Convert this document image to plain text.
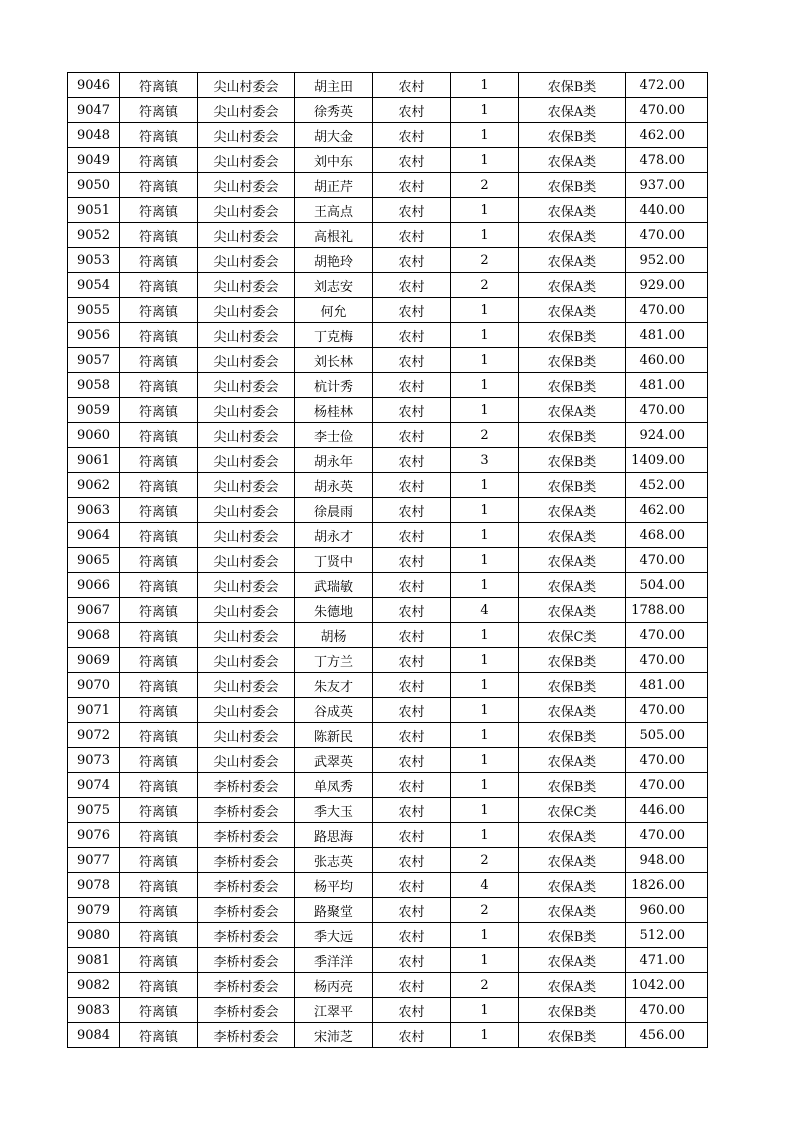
9046	符离镇	尖山村委会	胡主田	农村	1	农保B类	472.00
9047	符离镇	尖山村委会	徐秀英	农村	1	农保A类	470.00
9048	符离镇	尖山村委会	胡大金	农村	1	农保B类	462.00
9049	符离镇	尖山村委会	刘中东	农村	1	农保A类	478.00
9050	符离镇	尖山村委会	胡正芹	农村	2	农保B类	937.00
9051	符离镇	尖山村委会	王高点	农村	1	农保A类	440.00
9052	符离镇	尖山村委会	高根礼	农村	1	农保A类	470.00
9053	符离镇	尖山村委会	胡艳玲	农村	2	农保A类	952.00
9054	符离镇	尖山村委会	刘志安	农村	2	农保A类	929.00
9055	符离镇	尖山村委会	何允	农村	1	农保A类	470.00
9056	符离镇	尖山村委会	丁克梅	农村	1	农保B类	481.00
9057	符离镇	尖山村委会	刘长林	农村	1	农保B类	460.00
9058	符离镇	尖山村委会	杭计秀	农村	1	农保B类	481.00
9059	符离镇	尖山村委会	杨桂林	农村	1	农保A类	470.00
9060	符离镇	尖山村委会	李士俭	农村	2	农保B类	924.00
9061	符离镇	尖山村委会	胡永年	农村	3	农保B类	1409.00
9062	符离镇	尖山村委会	胡永英	农村	1	农保B类	452.00
9063	符离镇	尖山村委会	徐晨雨	农村	1	农保A类	462.00
9064	符离镇	尖山村委会	胡永才	农村	1	农保A类	468.00
9065	符离镇	尖山村委会	丁贤中	农村	1	农保A类	470.00
9066	符离镇	尖山村委会	武瑞敏	农村	1	农保A类	504.00
9067	符离镇	尖山村委会	朱德地	农村	4	农保A类	1788.00
9068	符离镇	尖山村委会	胡杨	农村	1	农保C类	470.00
9069	符离镇	尖山村委会	丁方兰	农村	1	农保B类	470.00
9070	符离镇	尖山村委会	朱友才	农村	1	农保B类	481.00
9071	符离镇	尖山村委会	谷成英	农村	1	农保A类	470.00
9072	符离镇	尖山村委会	陈新民	农村	1	农保B类	505.00
9073	符离镇	尖山村委会	武翠英	农村	1	农保A类	470.00
9074	符离镇	李桥村委会	单凤秀	农村	1	农保B类	470.00
9075	符离镇	李桥村委会	季大玉	农村	1	农保C类	446.00
9076	符离镇	李桥村委会	路思海	农村	1	农保A类	470.00
9077	符离镇	李桥村委会	张志英	农村	2	农保A类	948.00
9078	符离镇	李桥村委会	杨平均	农村	4	农保A类	1826.00
9079	符离镇	李桥村委会	路聚堂	农村	2	农保A类	960.00
9080	符离镇	李桥村委会	季大远	农村	1	农保B类	512.00
9081	符离镇	李桥村委会	季洋洋	农村	1	农保A类	471.00
9082	符离镇	李桥村委会	杨丙亮	农村	2	农保A类	1042.00
9083	符离镇	李桥村委会	江翠平	农村	1	农保B类	470.00
9084	符离镇	李桥村委会	宋沛芝	农村	1	农保B类	456.00
